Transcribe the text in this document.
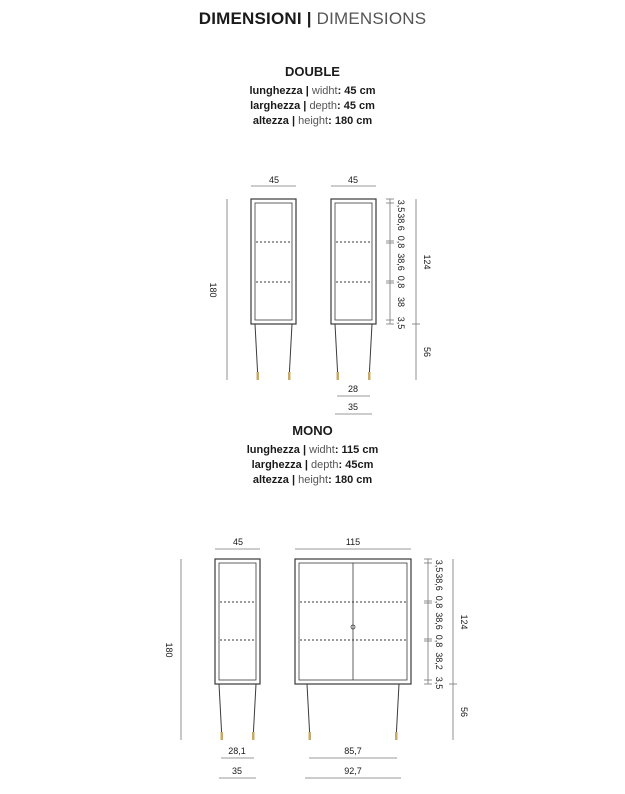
DIMENSIONI | DIMENSIONS
DOUBLE
lunghezza | widht: 45 cm
larghezza | depth: 45 cm
altezza | height: 180 cm
MONO
lunghezza | widht: 115 cm
larghezza | depth: 45cm
altezza | height: 180 cm
45
180
45
3,5
38,6
0,8
38,6
0,8
38
3,5
124
56
28
35
45
180
28,1
35
115
3,5
38,6
0,8
38,6
0,8
38,2
3,5
124
56
85,7
92,7
